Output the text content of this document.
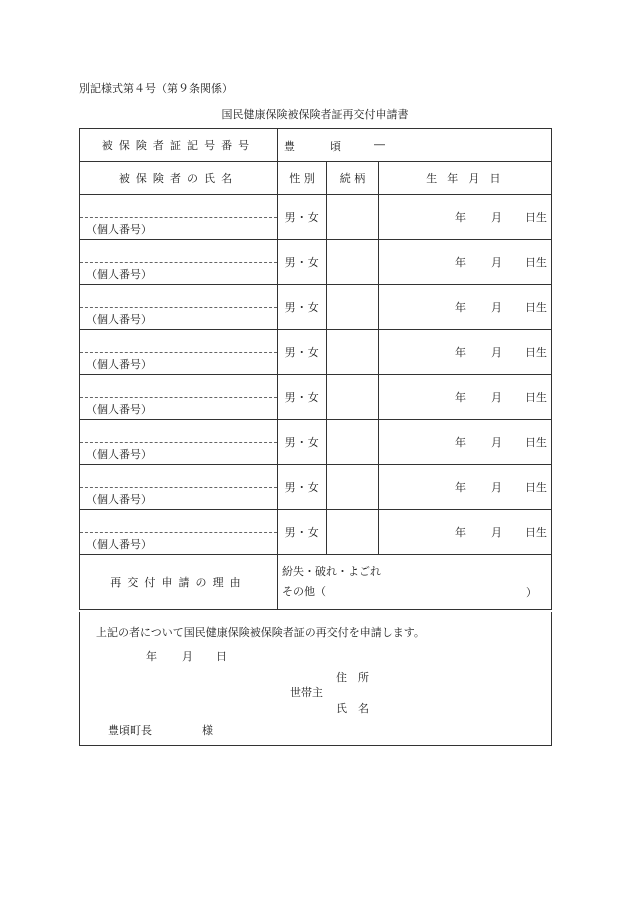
別記様式第４号（第９条関係）
国民健康保険被保険者証再交付申請書
被保険者証記号番号	豊 頃 ―		

被保険者の氏名	性 別	続 柄	生 年 月 日

（個人番号）	男・女		年 月 日生

（個人番号）	男・女		年 月 日生

（個人番号）	男・女		年 月 日生

（個人番号）	男・女		年 月 日生

（個人番号）	男・女		年 月 日生

（個人番号）	男・女		年 月 日生

（個人番号）	男・女		年 月 日生

（個人番号）	男・女		年 月 日生

再交付申請の理由	紛失・破れ・よごれ
その他（ ）		
上記の者について国民健康保険被保険者証の再交付を申請します。
年 月 日
住　所
世帯主
氏　名
豊頃町長	様
